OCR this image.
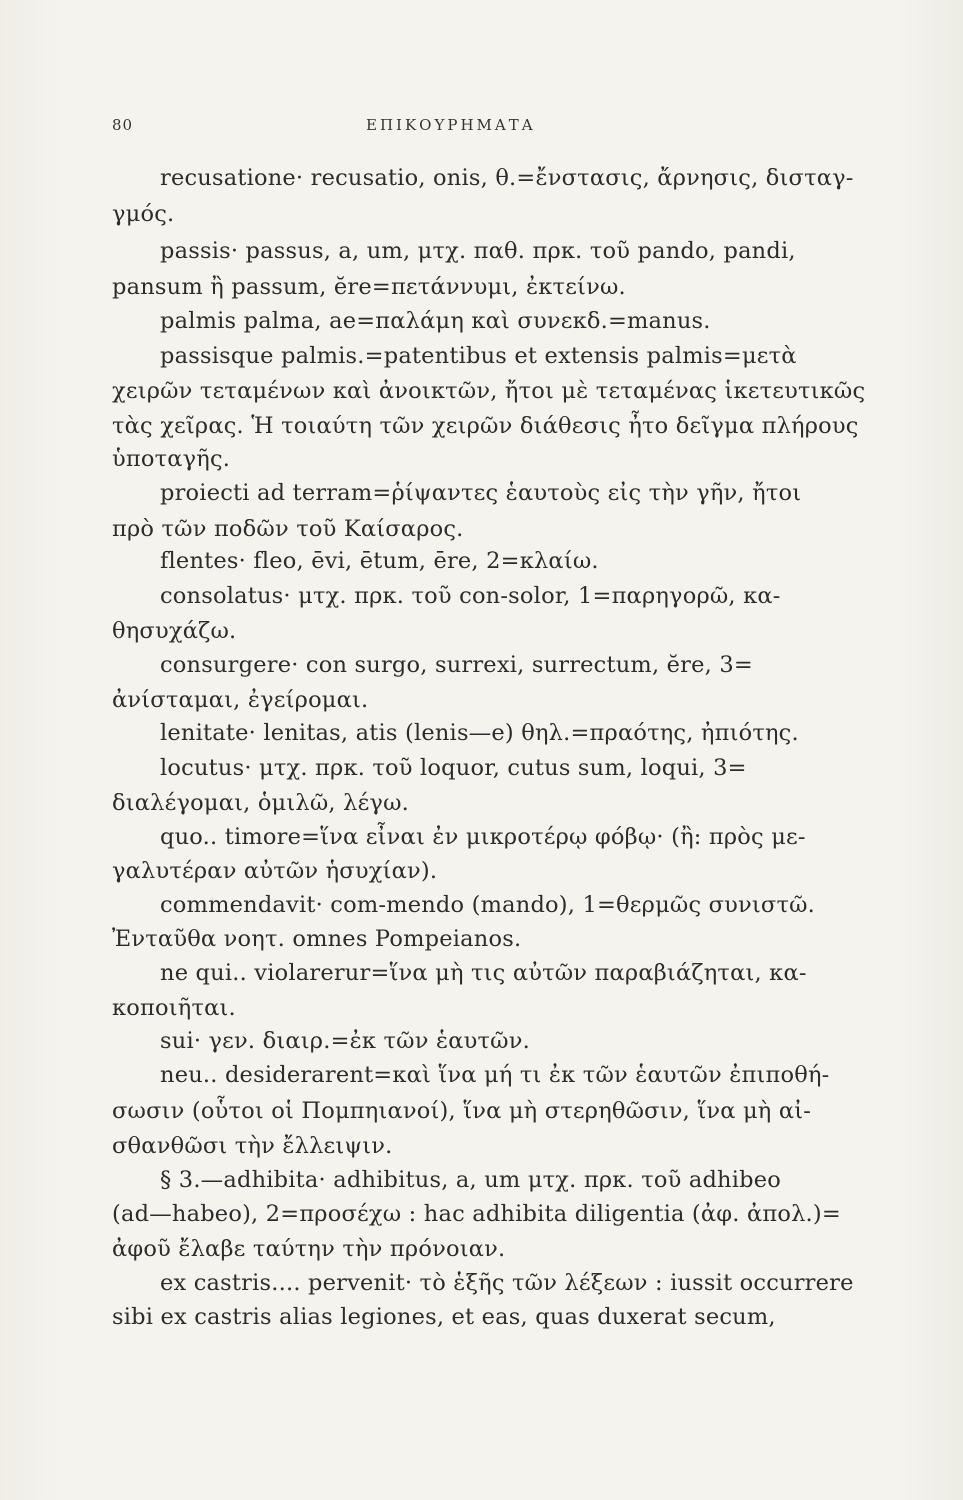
80	ΕΠΙΚΟΥΡΗΜΑΤΑ
recusatione· recusatio, onis, θ.=ἔνστασις, ἄρνησις, δισταγ-
γμός.
passis· passus, a, um, μτχ. παθ. πρκ. τοῦ pando, pandi,
pansum ἢ passum, ĕre=πετάννυμι, ἐκτείνω.
palmis palma, ae=παλάμη καὶ συνεκδ.=manus.
passisque palmis.=patentibus et extensis palmis=μετὰ
χειρῶν τεταμένων καὶ ἀνοικτῶν, ἤτοι μὲ τεταμένας ἱκετευτικῶς
τὰς χεῖρας. Ἡ τοιαύτη τῶν χειρῶν διάθεσις ἦτο δεῖγμα πλήρους
ὑποταγῆς.
proiecti ad terram=ῥίψαντες ἑαυτοὺς εἰς τὴν γῆν, ἤτοι
πρὸ τῶν ποδῶν τοῦ Καίσαρος.
flentes· fleo, ēvi, ētum, ēre, 2=κλαίω.
consolatus· μτχ. πρκ. τοῦ con-solor, 1=παρηγορῶ, κα-
θησυχάζω.
consurgere· con surgo, surrexi, surrectum, ĕre, 3=
ἀνίσταμαι, ἐγείρομαι.
lenitate· lenitas, atis (lenis—e) θηλ.=πραότης, ἠπιότης.
locutus· μτχ. πρκ. τοῦ loquor, cutus sum, loqui, 3=
διαλέγομαι, ὁμιλῶ, λέγω.
quo.. timore=ἵνα εἶναι ἐν μικροτέρῳ φόβῳ· (ἢ: πρὸς με-
γαλυτέραν αὐτῶν ἡσυχίαν).
commendavit· com-mendo (mando), 1=θερμῶς συνιστῶ.
Ἐνταῦθα νοητ. omnes Pompeianos.
ne qui.. violarerur=ἵνα μὴ τις αὐτῶν παραβιάζηται, κα-
κοποιῆται.
sui· γεν. διαιρ.=ἐκ τῶν ἑαυτῶν.
neu.. desiderarent=καὶ ἵνα μή τι ἐκ τῶν ἑαυτῶν ἐπιποθή-
σωσιν (οὗτοι οἱ Πομπηιανοί), ἵνα μὴ στερηθῶσιν, ἵνα μὴ αἰ-
σθανθῶσι τὴν ἔλλειψιν.
§ 3.—adhibita· adhibitus, a, um μτχ. πρκ. τοῦ adhibeo
(ad—habeo), 2=προσέχω : hac adhibita diligentia (ἀφ. ἀπολ.)=
ἀφοῦ ἔλαβε ταύτην τὴν πρόνοιαν.
ex castris.... pervenit· τὸ ἑξῆς τῶν λέξεων : iussit occurrere
sibi ex castris alias legiones, et eas, quas duxerat secum,
